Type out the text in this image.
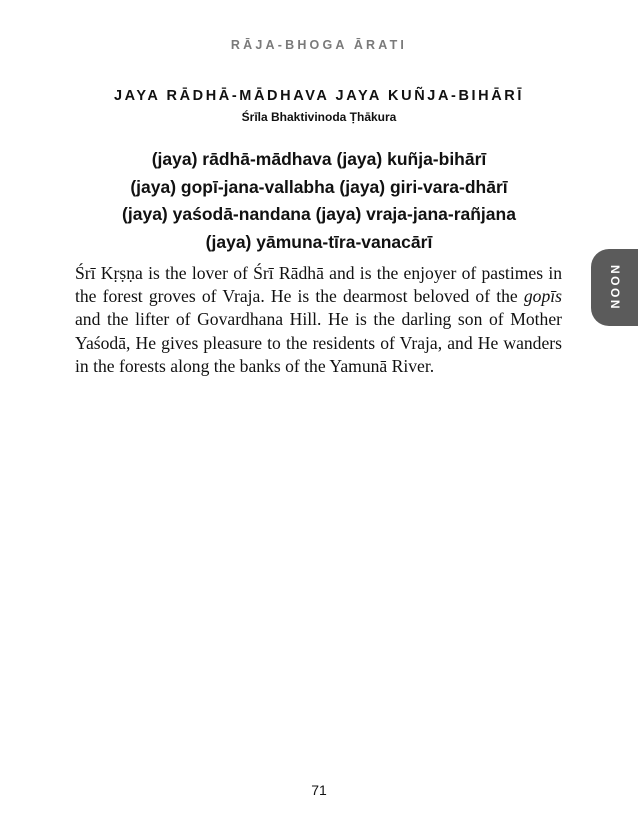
RĀJA-BHOGA ĀRATI
JAYA RĀDHĀ-MĀDHAVA JAYA KUÑJA-BIHĀRĪ
Śrīla Bhaktivinoda Ṭhākura
(jaya) rādhā-mādhava (jaya) kuñja-bihārī
(jaya) gopī-jana-vallabha (jaya) giri-vara-dhārī
(jaya) yaśodā-nandana (jaya) vraja-jana-rañjana
(jaya) yāmuna-tīra-vanacārī

Śrī Kṛṣṇa is the lover of Śrī Rādhā and is the enjoyer of pastimes in the forest groves of Vraja. He is the dearmost beloved of the gopīs and the lifter of Govardhana Hill. He is the darling son of Mother Yaśodā, He gives pleasure to the residents of Vraja, and He wanders in the forests along the banks of the Yamunā River.

NOON
71
